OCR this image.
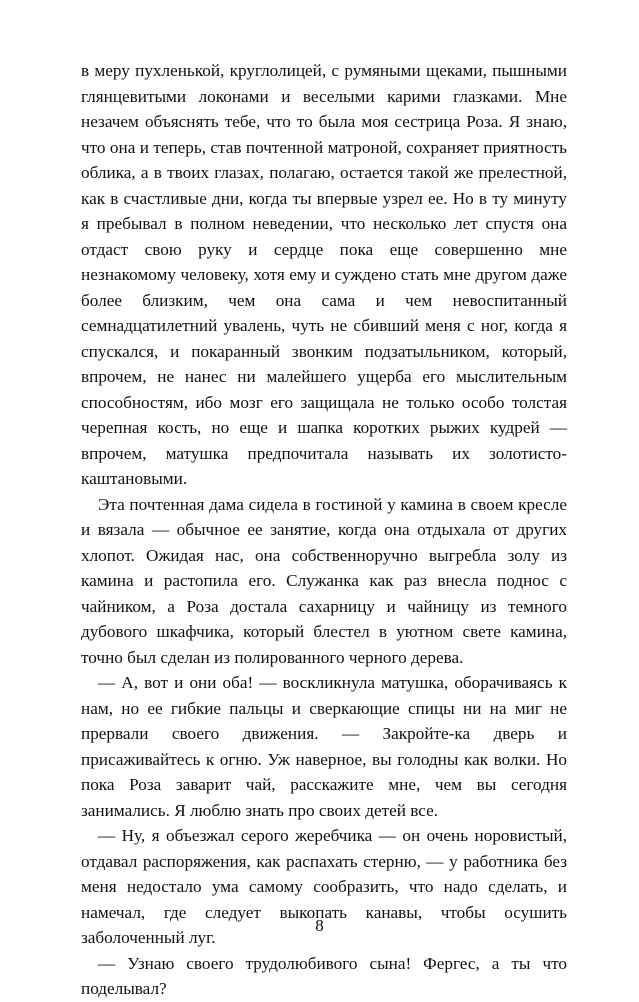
в меру пухленькой, круглолицей, с румяными щеками, пышными глянцевитыми локонами и веселыми карими глазками. Мне незачем объяснять тебе, что то была моя сестрица Роза. Я знаю, что она и теперь, став почтенной матроной, сохраняет приятность облика, а в твоих глазах, полагаю, остается такой же прелестной, как в счастливые дни, когда ты впервые узрел ее. Но в ту минуту я пребывал в полном неведении, что несколько лет спустя она отдаст свою руку и сердце пока еще совершенно мне незнакомому человеку, хотя ему и суждено стать мне другом даже более близким, чем она сама и чем невоспитанный семнадцатилетний увалень, чуть не сбивший меня с ног, когда я спускался, и покаранный звонким подзатыльником, который, впрочем, не нанес ни малейшего ущерба его мыслительным способностям, ибо мозг его защищала не только особо толстая черепная кость, но еще и шапка коротких рыжих кудрей — впрочем, матушка предпочитала называть их золотисто-каштановыми.

Эта почтенная дама сидела в гостиной у камина в своем кресле и вязала — обычное ее занятие, когда она отдыхала от других хлопот. Ожидая нас, она собственноручно выгребла золу из камина и растопила его. Служанка как раз внесла поднос с чайником, а Роза достала сахарницу и чайницу из темного дубового шкафчика, который блестел в уютном свете камина, точно был сделан из полированного черного дерева.

— А, вот и они оба! — воскликнула матушка, оборачиваясь к нам, но ее гибкие пальцы и сверкающие спицы ни на миг не прервали своего движения. — Закройте-ка дверь и присаживайтесь к огню. Уж наверное, вы голодны как волки. Но пока Роза заварит чай, расскажите мне, чем вы сегодня занимались. Я люблю знать про своих детей все.

— Ну, я объезжал серого жеребчика — он очень норовистый, отдавал распоряжения, как распахать стерню, — у работника без меня недостало ума самому сообразить, что надо сделать, и намечал, где следует выкопать канавы, чтобы осушить заболоченный луг.

— Узнаю своего трудолюбивого сына! Фергес, а ты что поделывал?

8
